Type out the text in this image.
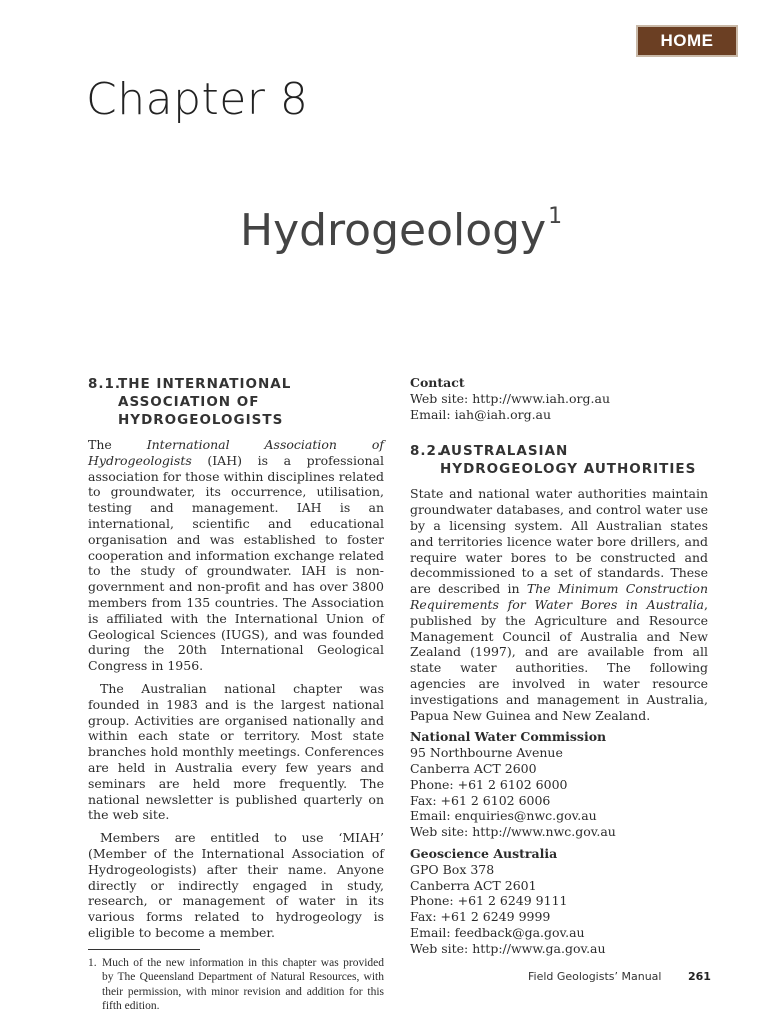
HOME
Chapter 8
Hydrogeology$^1$
8.1.
THE INTERNATIONAL ASSOCIATION OF HYDROGEOLOGISTS

The International Association of Hydrogeologists (IAH) is a professional association for those within disciplines related to groundwater, its occurrence, utilisation, testing and management. IAH is an international, scientific and educational organisation and was established to foster cooperation and information exchange related to the study of groundwater. IAH is non-government and non-profit and has over 3800 members from 135 countries. The Association is affiliated with the International Union of Geological Sciences (IUGS), and was founded during the 20th International Geological Congress in 1956.

The Australian national chapter was founded in 1983 and is the largest national group. Activities are organised nationally and within each state or territory. Most state branches hold monthly meetings. Conferences are held in Australia every few years and seminars are held more frequently. The national newsletter is published quarterly on the web site.

Members are entitled to use ‘MIAH’ (Member of the International Association of Hydrogeologists) after their name. Anyone directly or indirectly engaged in study, research, or management of water in its various forms related to hydrogeology is eligible to become a member.

1. Much of the new information in this chapter was provided by The Queensland Department of Natural Resources, with their permission, with minor revision and addition for this fifth edition.

Contact

Web site: http://www.iah.org.au

Email: iah@iah.org.au

8.2.
AUSTRALASIAN HYDROGEOLOGY AUTHORITIES

State and national water authorities maintain groundwater databases, and control water use by a licensing system. All Australian states and territories licence water bore drillers, and require water bores to be constructed and decommissioned to a set of standards. These are described in The Minimum Construction Requirements for Water Bores in Australia, published by the Agriculture and Resource Management Council of Australia and New Zealand (1997), and are available from all state water authorities. The following agencies are involved in water resource investigations and management in Australia, Papua New Guinea and New Zealand.

National Water Commission

95 Northbourne Avenue

Canberra ACT 2600

Phone: +61 2 6102 6000

Fax: +61 2 6102 6006

Email: enquiries@nwc.gov.au

Web site: http://www.nwc.gov.au

Geoscience Australia

GPO Box 378

Canberra ACT 2601

Phone: +61 2 6249 9111

Fax: +61 2 6249 9999

Email: feedback@ga.gov.au

Web site: http://www.ga.gov.au

Field Geologists’ Manual 261
